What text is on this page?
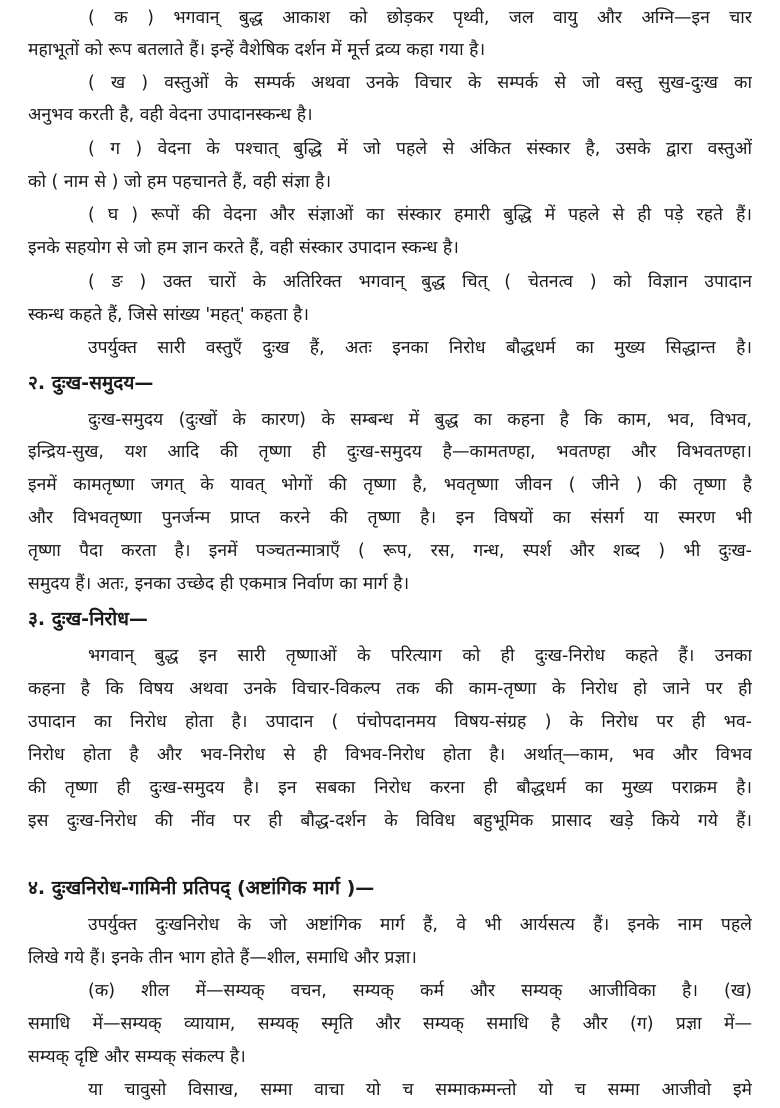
( क ) भगवान् बुद्ध आकाश को छोड़कर पृथ्वी, जल वायु और अग्नि—इन चार
महाभूतों को रूप बतलाते हैं। इन्हें वैशेषिक दर्शन में मूर्त्त द्रव्य कहा गया है।
( ख ) वस्तुओं के सम्पर्क अथवा उनके विचार के सम्पर्क से जो वस्तु सुख-दुःख का
अनुभव करती है, वही वेदना उपादानस्कन्ध है।
( ग ) वेदना के पश्चात् बुद्धि में जो पहले से अंकित संस्कार है, उसके द्वारा वस्तुओं
को ( नाम से ) जो हम पहचानते हैं, वही संज्ञा है।
( घ ) रूपों की वेदना और संज्ञाओं का संस्कार हमारी बुद्धि में पहले से ही पड़े रहते हैं।
इनके सहयोग से जो हम ज्ञान करते हैं, वही संस्कार उपादान स्कन्ध है।
( ङ ) उक्त चारों के अतिरिक्त भगवान् बुद्ध चित् ( चेतनत्व ) को विज्ञान उपादान
स्कन्ध कहते हैं, जिसे सांख्य 'महत्' कहता है।
उपर्युक्त सारी वस्तुएँ दुःख हैं, अतः इनका निरोध बौद्धधर्म का मुख्य सिद्धान्त है।
२. दुःख-समुदय—
दुःख-समुदय (दुःखों के कारण) के सम्बन्ध में बुद्ध का कहना है कि काम, भव, विभव,
इन्द्रिय-सुख, यश आदि की तृष्णा ही दुःख-समुदय है—कामतण्हा, भवतण्हा और विभवतण्हा।
इनमें कामतृष्णा जगत् के यावत् भोगों की तृष्णा है, भवतृष्णा जीवन ( जीने ) की तृष्णा है
और विभवतृष्णा पुनर्जन्म प्राप्त करने की तृष्णा है। इन विषयों का संसर्ग या स्मरण भी
तृष्णा पैदा करता है। इनमें पञ्चतन्मात्राएँ ( रूप, रस, गन्ध, स्पर्श और शब्द ) भी दुःख-
समुदय हैं। अतः, इनका उच्छेद ही एकमात्र निर्वाण का मार्ग है।
३. दुःख-निरोध—
भगवान् बुद्ध इन सारी तृष्णाओं के परित्याग को ही दुःख-निरोध कहते हैं। उनका
कहना है कि विषय अथवा उनके विचार-विकल्प तक की काम-तृष्णा के निरोध हो जाने पर ही
उपादान का निरोध होता है। उपादान ( पंचोपदानमय विषय-संग्रह ) के निरोध पर ही भव-
निरोध होता है और भव-निरोध से ही विभव-निरोध होता है। अर्थात्—काम, भव और विभव
की तृष्णा ही दुःख-समुदय है। इन सबका निरोध करना ही बौद्धधर्म का मुख्य पराक्रम है।
इस दुःख-निरोध की नींव पर ही बौद्ध-दर्शन के विविध बहुभूमिक प्रासाद खड़े किये गये हैं।
४. दुःखनिरोध-गामिनी प्रतिपद् (अष्टांगिक मार्ग )—
उपर्युक्त दुःखनिरोध के जो अष्टांगिक मार्ग हैं, वे भी आर्यसत्य हैं। इनके नाम पहले
लिखे गये हैं। इनके तीन भाग होते हैं—शील, समाधि और प्रज्ञा।
(क) शील में—सम्यक् वचन, सम्यक् कर्म और सम्यक् आजीविका है। (ख)
समाधि में—सम्यक् व्यायाम, सम्यक् स्मृति और सम्यक् समाधि है और (ग) प्रज्ञा में—
सम्यक् दृष्टि और सम्यक् संकल्प है।
या चावुसो विसाख, सम्मा वाचा यो च सम्माकम्मन्तो यो च सम्मा आजीवो इमे
